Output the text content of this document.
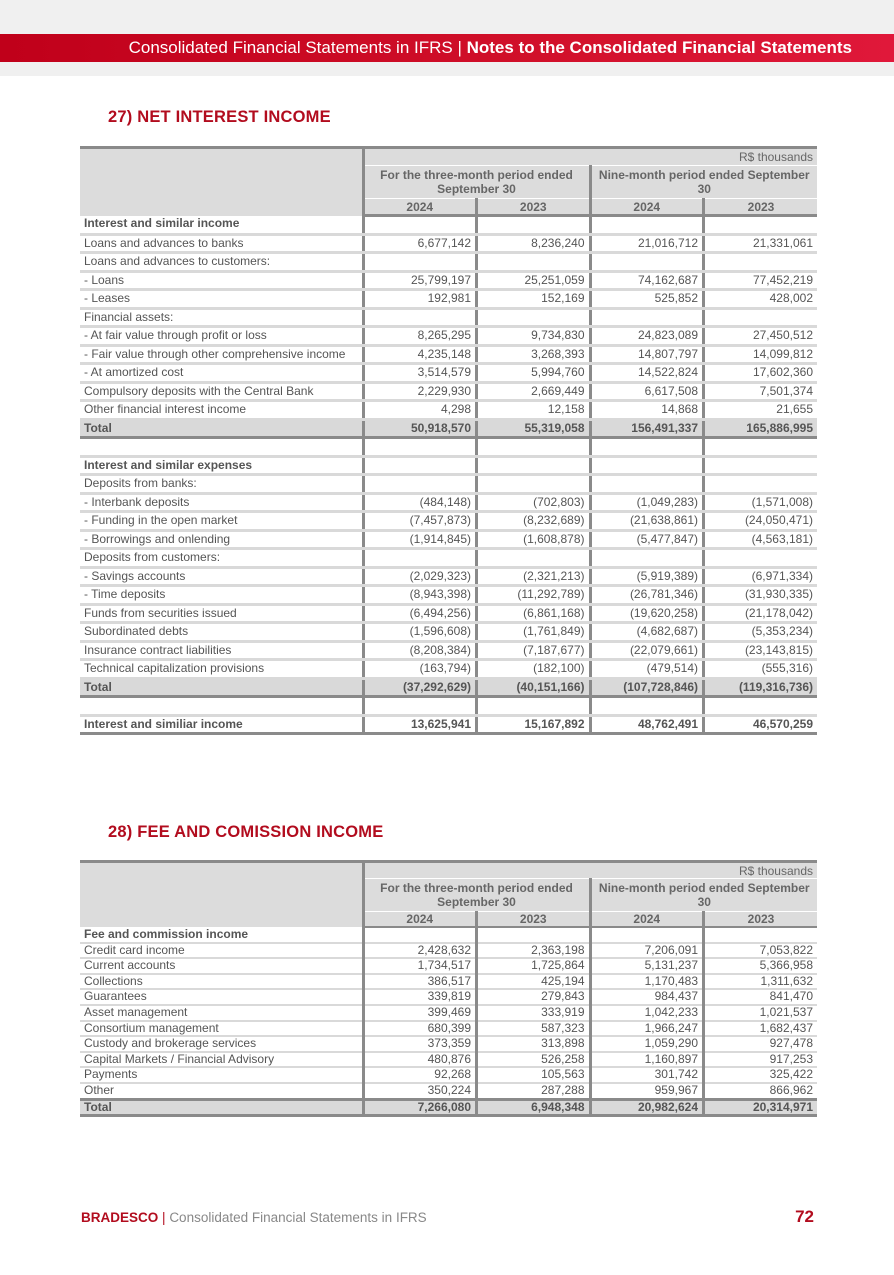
Consolidated Financial Statements in IFRS | Notes to the Consolidated Financial Statements
27) NET INTEREST INCOME
	R$ thousands			
	For the three-month period ended September 30		Nine-month period ended September 30	
	2024	2023	2024	2023
Interest and similar income				
Loans and advances to banks	6,677,142	8,236,240	21,016,712	21,331,061
Loans and advances to customers:				
- Loans	25,799,197	25,251,059	74,162,687	77,452,219
- Leases	192,981	152,169	525,852	428,002
Financial assets:				
- At fair value through profit or loss	8,265,295	9,734,830	24,823,089	27,450,512
- Fair value through other comprehensive income	4,235,148	3,268,393	14,807,797	14,099,812
- At amortized cost	3,514,579	5,994,760	14,522,824	17,602,360
Compulsory deposits with the Central Bank	2,229,930	2,669,449	6,617,508	7,501,374
Other financial interest income	4,298	12,158	14,868	21,655
Total	50,918,570	55,319,058	156,491,337	165,886,995

Interest and similar expenses				
Deposits from banks:				
- Interbank deposits	(484,148)	(702,803)	(1,049,283)	(1,571,008)
- Funding in the open market	(7,457,873)	(8,232,689)	(21,638,861)	(24,050,471)
- Borrowings and onlending	(1,914,845)	(1,608,878)	(5,477,847)	(4,563,181)
Deposits from customers:				
- Savings accounts	(2,029,323)	(2,321,213)	(5,919,389)	(6,971,334)
- Time deposits	(8,943,398)	(11,292,789)	(26,781,346)	(31,930,335)
Funds from securities issued	(6,494,256)	(6,861,168)	(19,620,258)	(21,178,042)
Subordinated debts	(1,596,608)	(1,761,849)	(4,682,687)	(5,353,234)
Insurance contract liabilities	(8,208,384)	(7,187,677)	(22,079,661)	(23,143,815)
Technical capitalization provisions	(163,794)	(182,100)	(479,514)	(555,316)
Total	(37,292,629)	(40,151,166)	(107,728,846)	(119,316,736)

Interest and similiar income	13,625,941	15,167,892	48,762,491	46,570,259
28) FEE AND COMISSION INCOME
	R$ thousands			
	For the three-month period ended September 30		Nine-month period ended September 30	
	2024	2023	2024	2023
Fee and commission income				
Credit card income	2,428,632	2,363,198	7,206,091	7,053,822
Current accounts	1,734,517	1,725,864	5,131,237	5,366,958
Collections	386,517	425,194	1,170,483	1,311,632
Guarantees	339,819	279,843	984,437	841,470
Asset management	399,469	333,919	1,042,233	1,021,537
Consortium management	680,399	587,323	1,966,247	1,682,437
Custody and brokerage services	373,359	313,898	1,059,290	927,478
Capital Markets / Financial Advisory	480,876	526,258	1,160,897	917,253
Payments	92,268	105,563	301,742	325,422
Other	350,224	287,288	959,967	866,962
Total	7,266,080	6,948,348	20,982,624	20,314,971
BRADESCO | Consolidated Financial Statements in IFRS	72
